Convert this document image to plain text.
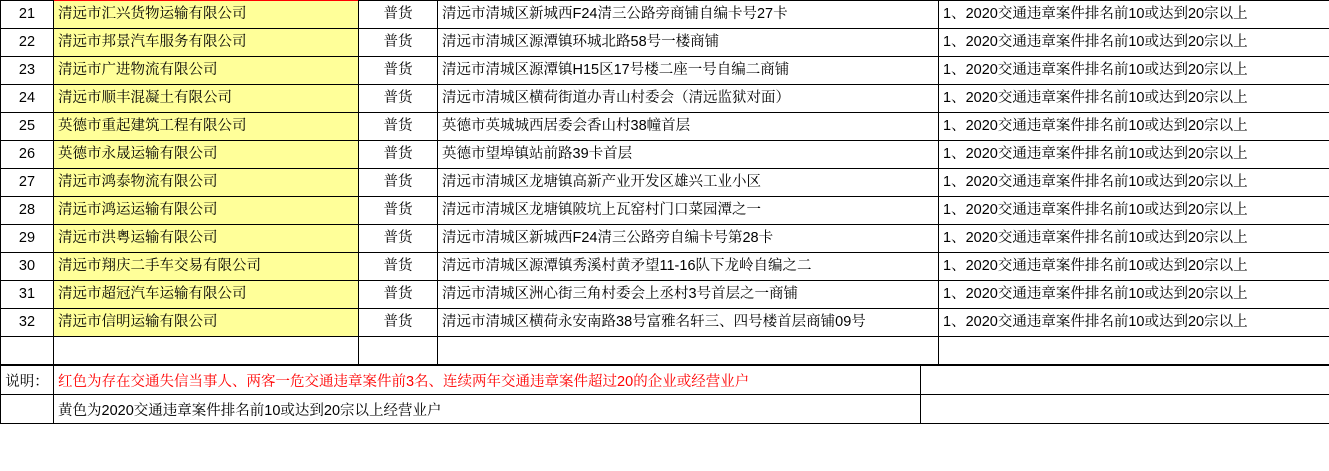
21	清远市汇兴货物运输有限公司	普货	清远市清城区新城西F24清三公路旁商铺自编卡号27卡	1、2020交通违章案件排名前10或达到20宗以上
22	清远市邦景汽车服务有限公司	普货	清远市清城区源潭镇环城北路58号一楼商铺	1、2020交通违章案件排名前10或达到20宗以上
23	清远市广进物流有限公司	普货	清远市清城区源潭镇H15区17号楼二座一号自编二商铺	1、2020交通违章案件排名前10或达到20宗以上
24	清远市顺丰混凝土有限公司	普货	清远市清城区横荷街道办青山村委会（清远监狱对面）	1、2020交通违章案件排名前10或达到20宗以上
25	英德市重起建筑工程有限公司	普货	英德市英城城西居委会香山村38幢首层	1、2020交通违章案件排名前10或达到20宗以上
26	英德市永晟运输有限公司	普货	英德市望埠镇站前路39卡首层	1、2020交通违章案件排名前10或达到20宗以上
27	清远市鸿泰物流有限公司	普货	清远市清城区龙塘镇高新产业开发区雄兴工业小区	1、2020交通违章案件排名前10或达到20宗以上
28	清远市鸿运运输有限公司	普货	清远市清城区龙塘镇陂坑上瓦窑村门口菜园潭之一	1、2020交通违章案件排名前10或达到20宗以上
29	清远市洪粤运输有限公司	普货	清远市清城区新城西F24清三公路旁自编卡号第28卡	1、2020交通违章案件排名前10或达到20宗以上
30	清远市翔庆二手车交易有限公司	普货	清远市清城区源潭镇秀溪村黄矛望11-16队下龙岭自编之二	1、2020交通违章案件排名前10或达到20宗以上
31	清远市超冠汽车运输有限公司	普货	清远市清城区洲心街三角村委会上丞村3号首层之一商铺	1、2020交通违章案件排名前10或达到20宗以上
32	清远市信明运输有限公司	普货	清远市清城区横荷永安南路38号富雅名轩三、四号楼首层商铺09号	1、2020交通违章案件排名前10或达到20宗以上

说明：	红色为存在交通失信当事人、两客一危交通违章案件前3名、连续两年交通违章案件超过20的企业或经营业户	
	黄色为2020交通违章案件排名前10或达到20宗以上经营业户	
